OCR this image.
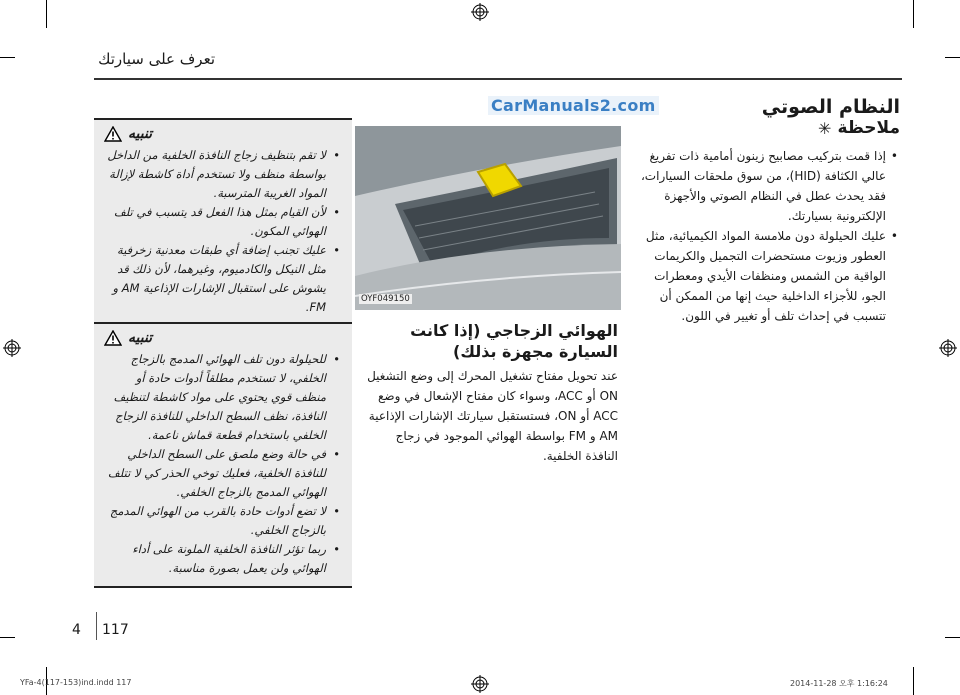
تعرف على سيارتك
CarManuals2.com	النظام الصوتي
ملاحظة
✳
• إذا قمت بتركيب مصابيح زينون أمامية ذات تفريغ عالي الكثافة (HID)، من سوق ملحقات السيارات، فقد يحدث عطل في النظام الصوتي والأجهزة الإلكترونية بسيارتك.
• عليك الحيلولة دون ملامسة المواد الكيميائية، مثل العطور وزيوت مستحضرات التجميل والكريمات الواقية من الشمس ومنظفات الأيدي ومعطرات الجو، للأجزاء الداخلية حيث إنها من الممكن أن تتسبب في إحداث تلف أو تغيير في اللون.
OYF049150
الهوائي الزجاجي (إذا كانت السيارة مجهزة بذلك)
عند تحويل مفتاح تشغيل المحرك إلى وضع التشغيل ON أو ACC، وسواء كان مفتاح الإشعال في وضع ACC أو ON، فستستقبل سيارتك الإشارات الإذاعية AM و FM بواسطة الهوائي الموجود في زجاج النافذة الخلفية.
تنبيه
• لا تقم بتنظيف زجاج النافذة الخلفية من الداخل بواسطة منظف ولا تستخدم أداة كاشطة لإزالة المواد الغريبة المترسبة.
• لأن القيام بمثل هذا الفعل قد يتسبب في تلف الهوائي المكون.
• عليك تجنب إضافة أي طبقات معدنية زخرفية مثل النيكل والكادميوم، وغيرهما، لأن ذلك قد يشوش على استقبال الإشارات الإذاعية AM و FM.
تنبيه
• للحيلولة دون تلف الهوائي المدمج بالزجاج الخلفي، لا تستخدم مطلقاً أدوات حادة أو منظف قوي يحتوي على مواد كاشطة لتنظيف النافذة، نظف السطح الداخلي للنافذة الزجاج الخلفي باستخدام قطعة قماش ناعمة.
• في حالة وضع ملصق على السطح الداخلي للنافذة الخلفية، فعليك توخي الحذر كي لا تتلف الهوائي المدمج بالزجاج الخلفي.
• لا تضع أدوات حادة بالقرب من الهوائي المدمج بالزجاج الخلفي.
• ربما تؤثر النافذة الخلفية الملونة على أداء الهوائي ولن يعمل بصورة مناسبة.
4 117
YFa-4(117-153)ind.indd 117	2014-11-28 오후 1:16:24
